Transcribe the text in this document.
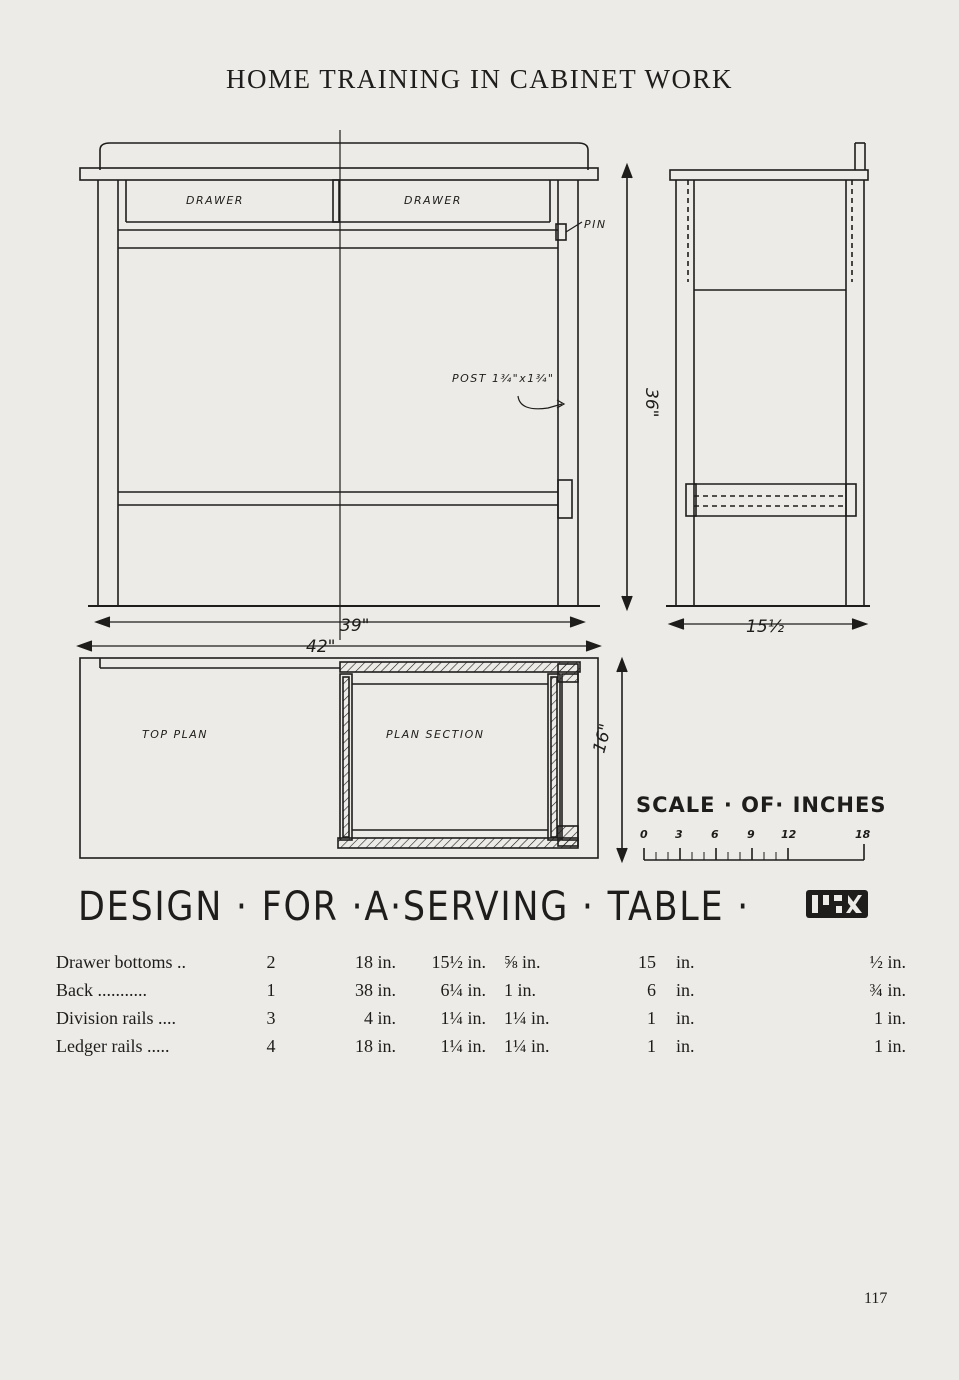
HOME TRAINING IN CABINET WORK
DRAWER	DRAWER
PIN
POST 1¾"x1¾"
36"
39"
42"
15½
TOP PLAN	PLAN SECTION	16"
SCALE · OF· INCHES
0 3	6	9 12	18
DESIGN · FOR ·A·SERVING · TABLE ·
Drawer bottoms ..	2	18 in.	15½ in.	⅝ in.	15	in.	½ in.
Back ...........	1	38 in.	6¼ in.	1 in.	6	in.	¾ in.
Division rails ....	3	4 in.	1¼ in.	1¼ in.	1	in.	1 in.
Ledger rails .....	4	18 in.	1¼ in.	1¼ in.	1	in.	1 in.
117
